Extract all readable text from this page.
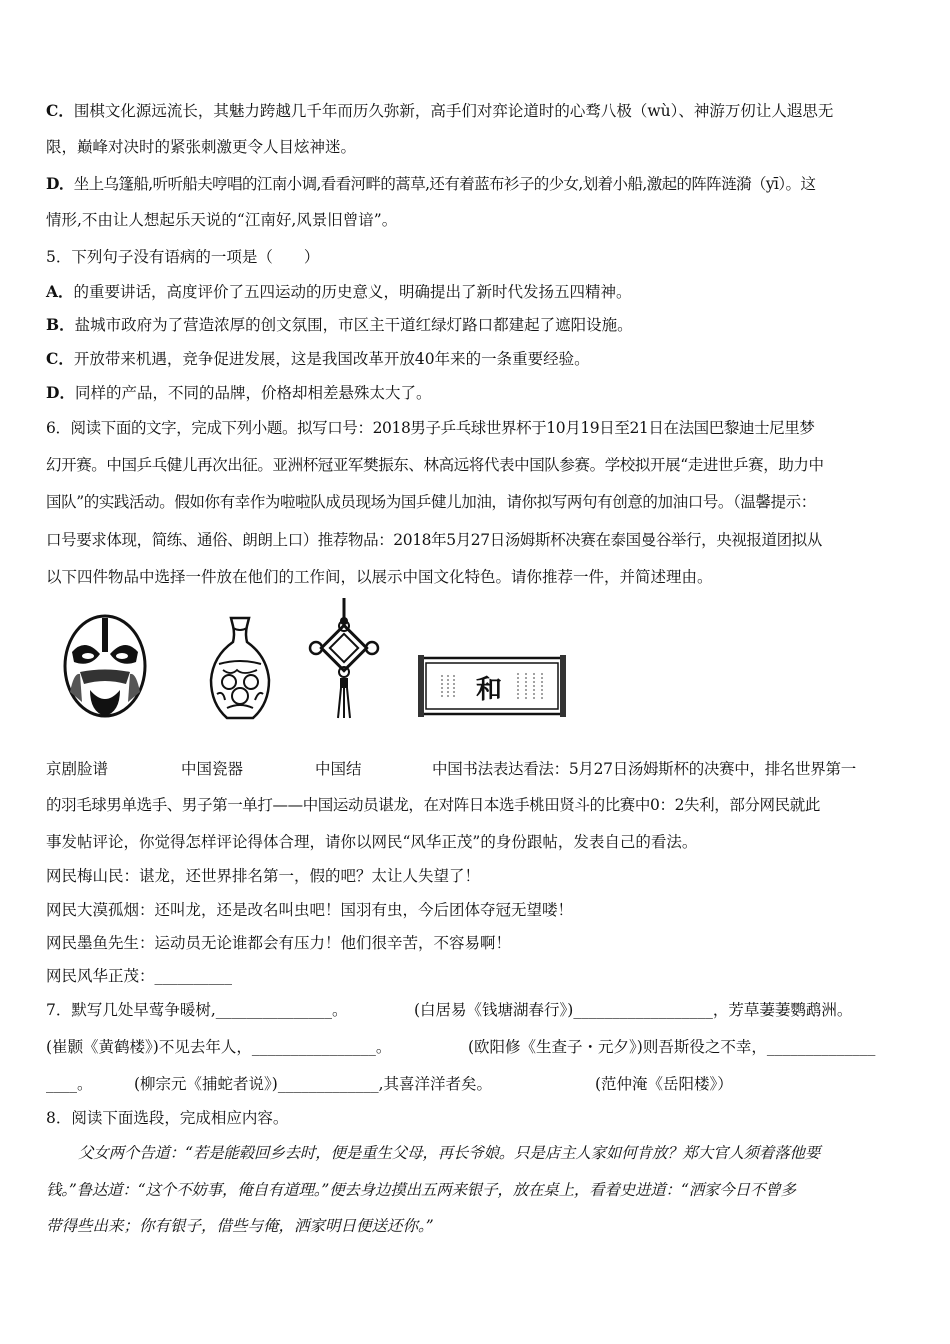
C．围棋文化源远流长，其魅力跨越几千年而历久弥新，高手们对弈论道时的心骛八极（wù）、神游万仞让人遐思无
限，巅峰对决时的紧张刺激更令人目炫神迷。
D．坐上乌篷船,听听船夫哼唱的江南小调,看看河畔的蒿草,还有着蓝布衫子的少女,划着小船,激起的阵阵涟漪（yī）。这
情形,不由让人想起乐天说的“江南好,风景旧曾谙”。
5．下列句子没有语病的一项是（　　）
A．的重要讲话，高度评价了五四运动的历史意义，明确提出了新时代发扬五四精神。
B．盐城市政府为了营造浓厚的创文氛围，市区主干道红绿灯路口都建起了遮阳设施。
C．开放带来机遇，竞争促进发展，这是我国改革开放40年来的一条重要经验。
D．同样的产品，不同的品牌，价格却相差悬殊太大了。
6．阅读下面的文字，完成下列小题。拟写口号：2018男子乒乓球世界杯于10月19日至21日在法国巴黎迪士尼里梦
幻开赛。中国乒乓健儿再次出征。亚洲杯冠亚军樊振东、林高远将代表中国队参赛。学校拟开展“走进世乒赛，助力中
国队”的实践活动。假如你有幸作为啦啦队成员现场为国乒健儿加油，请你拟写两句有创意的加油口号。（温馨提示：
口号要求体现，简练、通俗、朗朗上口）推荐物品：2018年5月27日汤姆斯杯决赛在泰国曼谷举行，央视报道团拟从
以下四件物品中选择一件放在他们的工作间，以展示中国文化特色。请你推荐一件，并简述理由。
和
京剧脸谱	中国瓷器	中国结	中国书法表达看法：5月27日汤姆斯杯的决赛中，排名世界第一
的羽毛球男单选手、男子第一单打——中国运动员谌龙，在对阵日本选手桃田贤斗的比赛中0：2失利，部分网民就此
事发帖评论，你觉得怎样评论得体合理，请你以网民“风华正茂”的身份跟帖，发表自己的看法。
网民梅山民：谌龙，还世界排名第一，假的吧？太让人失望了！
网民大漠孤烟：还叫龙，还是改名叫虫吧！国羽有虫，今后团体夺冠无望喽！
网民墨鱼先生：运动员无论谁都会有压力！他们很辛苦，不容易啊！
网民风华正茂：__________
7．默写几处早莺争暖树,_______________。	(白居易《钱塘湖春行》)__________________，芳草萋萋鹦鹉洲。
(崔颢《黄鹤楼》)不见去年人，________________。	(欧阳修《生查子・元夕》)则吾斯役之不幸，______________
____。	(柳宗元《捕蛇者说》)_____________,其喜洋洋者矣。	(范仲淹《岳阳楼》）
8．阅读下面选段，完成相应内容。
父女两个告道：“若是能毂回乡去时，便是重生父母，再长爷娘。只是店主人家如何肯放？郑大官人须着落他要
钱。”鲁达道：“这个不妨事，俺自有道理。”便去身边摸出五两来银子，放在桌上，看着史进道：“洒家今日不曾多
带得些出来；你有银子，借些与俺，洒家明日便送还你。”
